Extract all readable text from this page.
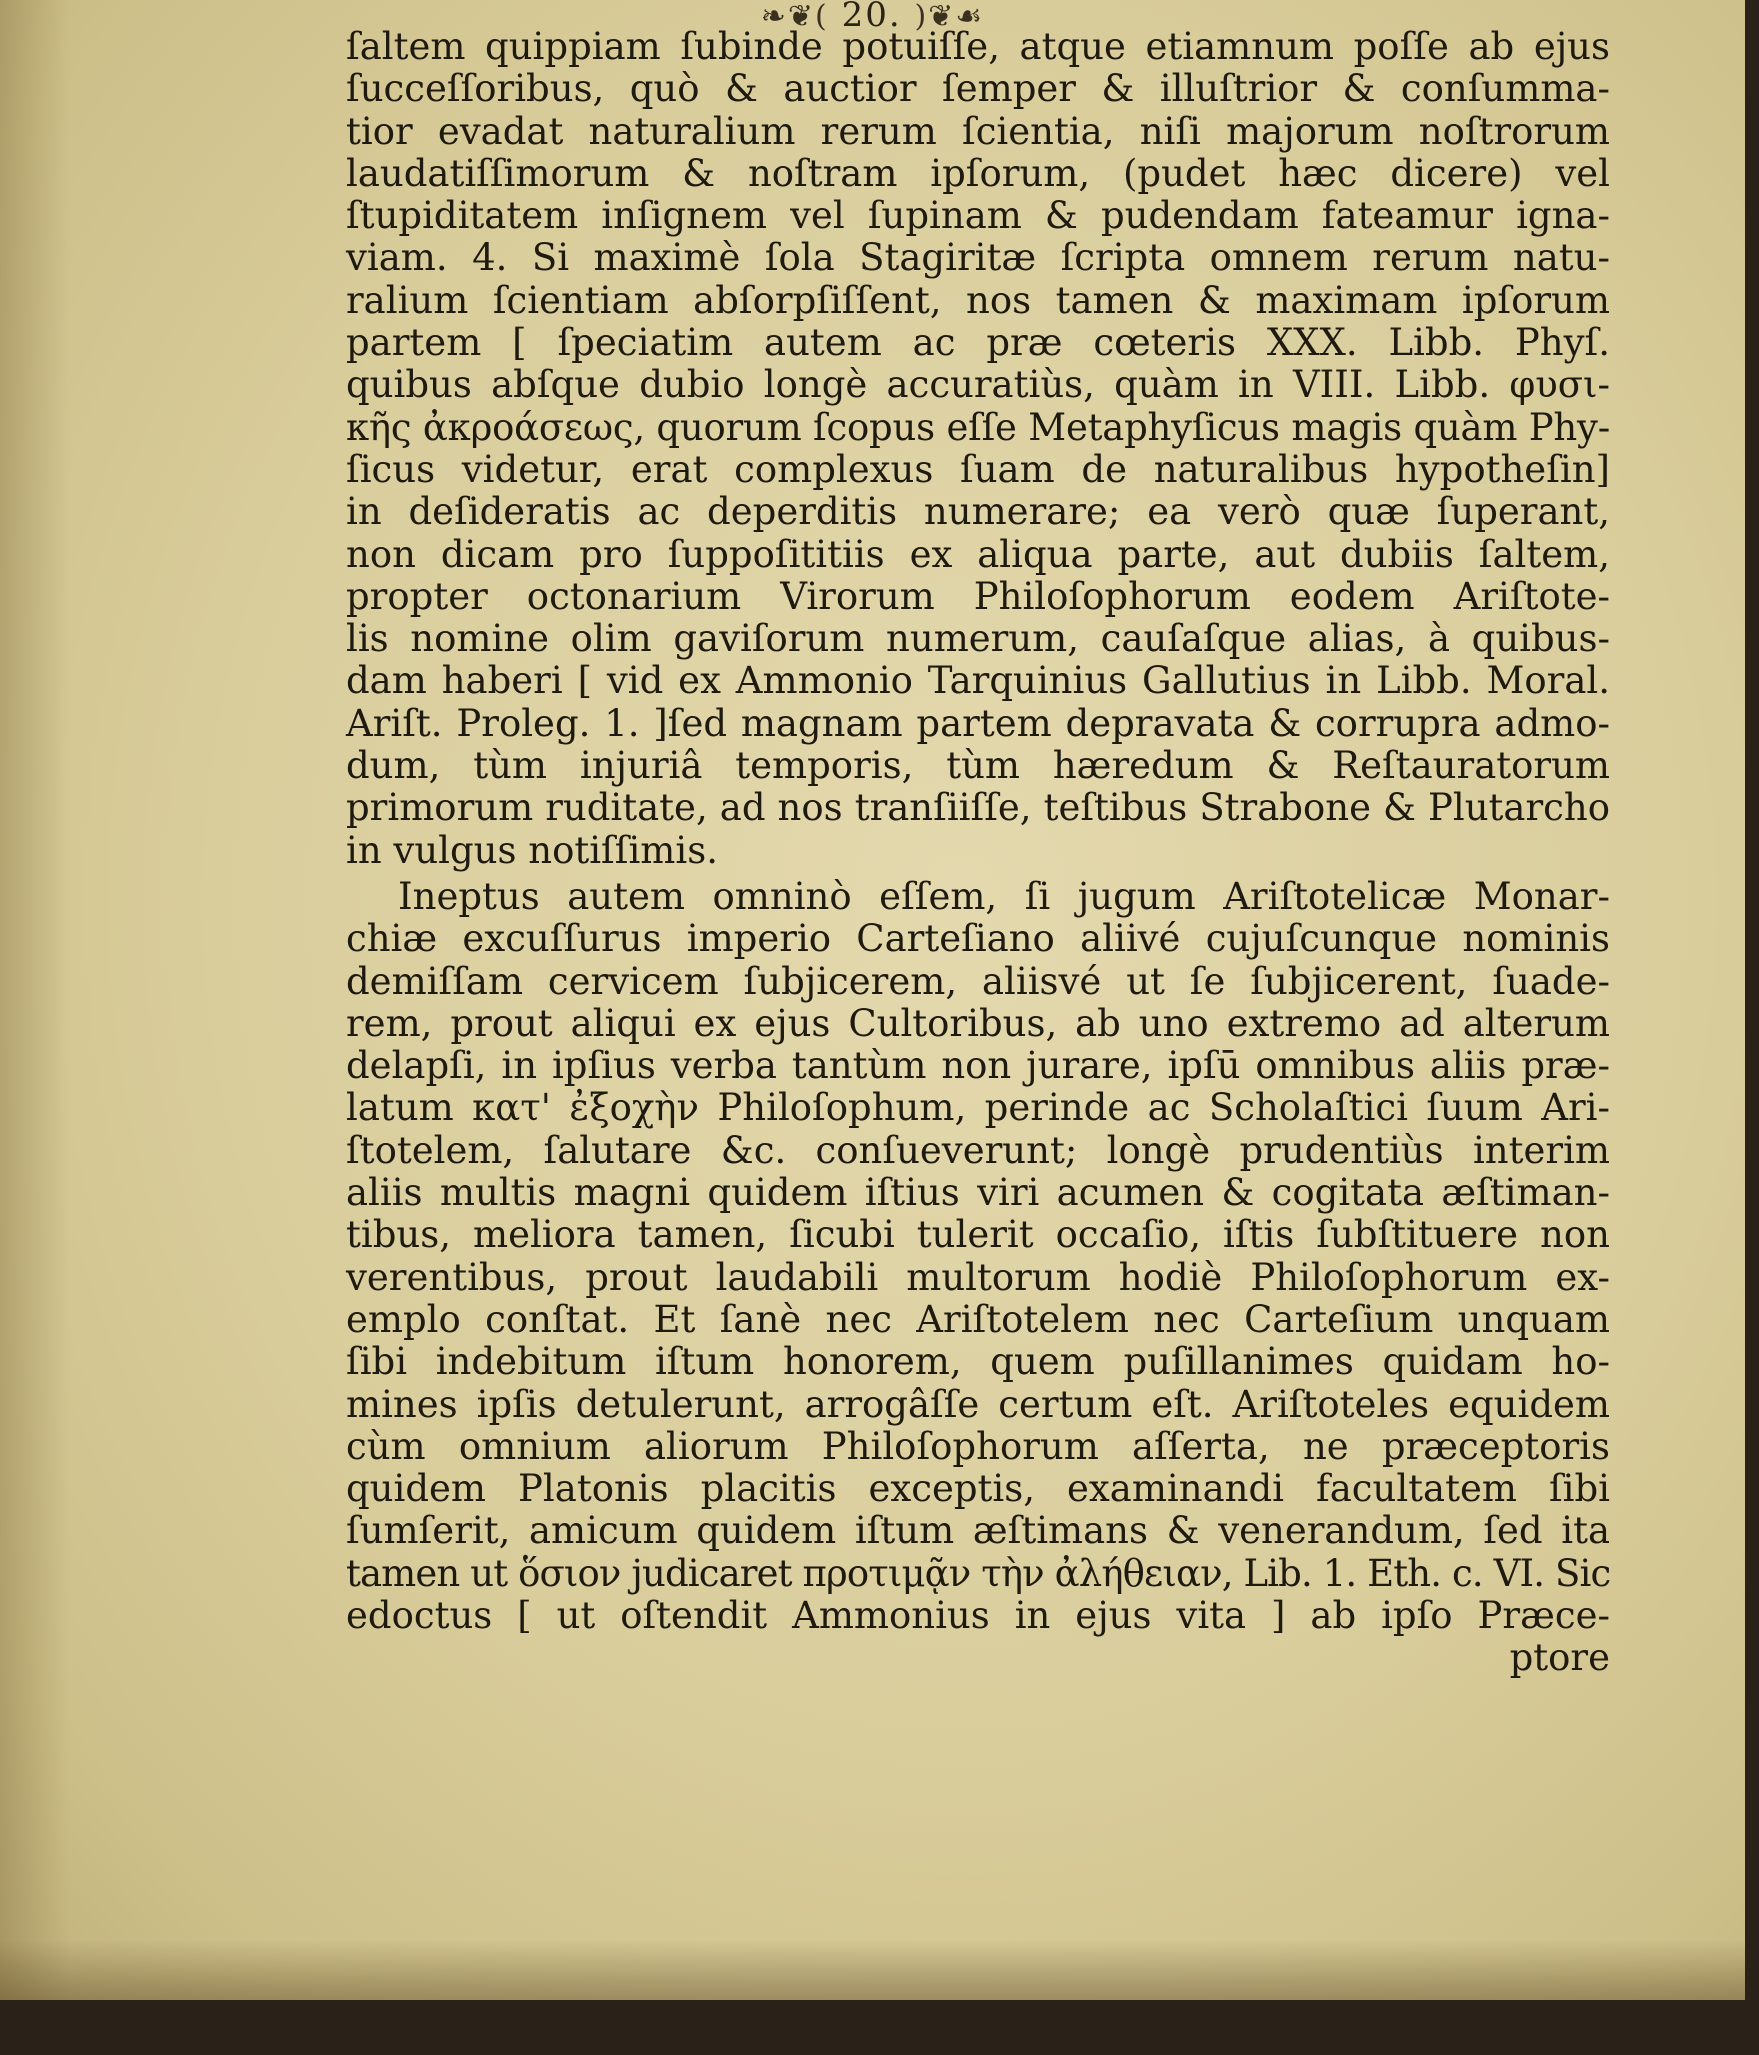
❧❦( 20. )❦☙
ſaltem quippiam ſubinde potuiſſe, atque etiamnum poſſe ab ejus
ſucceſſoribus, quò & auctior ſemper & illuſtrior & conſumma-
tior evadat naturalium rerum ſcientia, niſi majorum noſtrorum
laudatiſſimorum & noſtram ipſorum, (pudet hæc dicere) vel
ſtupiditatem inſignem vel ſupinam & pudendam fateamur igna-
viam. 4. Si maximè ſola Stagiritæ ſcripta omnem rerum natu-
ralium ſcientiam abſorpſiſſent, nos tamen & maximam ipſorum
partem [ ſpeciatim autem ac præ cœteris XXX. Libb. Phyſ.
quibus abſque dubio longè accuratiùs, quàm in VIII. Libb. φυσι-
κῆς ἀκροάσεως, quorum ſcopus eſſe Metaphyſicus magis quàm Phy-
ſicus videtur, erat complexus ſuam de naturalibus hypotheſin]
in deſideratis ac deperditis numerare; ea verò quæ ſuperant,
non dicam pro ſuppoſititiis ex aliqua parte, aut dubiis ſaltem,
propter octonarium Virorum Philoſophorum eodem Ariſtote-
lis nomine olim gaviſorum numerum, cauſaſque alias, à quibus-
dam haberi [ vid ex Ammonio Tarquinius Gallutius in Libb. Moral.
Ariſt. Proleg. 1. ]ſed magnam partem depravata & corrupra admo-
dum, tùm injuriâ temporis, tùm hæredum & Reſtauratorum
primorum ruditate, ad nos tranſiiſſe, teſtibus Strabone & Plutarcho
in vulgus notiſſimis.
Ineptus autem omninò eſſem, ſi jugum Ariſtotelicæ Monar-
chiæ excuſſurus imperio Carteſiano aliivé cujuſcunque nominis
demiſſam cervicem ſubjicerem, aliisvé ut ſe ſubjicerent, ſuade-
rem, prout aliqui ex ejus Cultoribus, ab uno extremo ad alterum
delapſi, in ipſius verba tantùm non jurare, ipſū omnibus aliis præ-
latum κατ' ἐξοχὴν Philoſophum, perinde ac Scholaſtici ſuum Ari-
ſtotelem, ſalutare &c. conſueverunt; longè prudentiùs interim
aliis multis magni quidem iſtius viri acumen & cogitata æſtiman-
tibus, meliora tamen, ſicubi tulerit occaſio, iſtis ſubſtituere non
verentibus, prout laudabili multorum hodiè Philoſophorum ex-
emplo conſtat. Et ſanè nec Ariſtotelem nec Carteſium unquam
ſibi indebitum iſtum honorem, quem puſillanimes quidam ho-
mines ipſis detulerunt, arrogâſſe certum eſt. Ariſtoteles equidem
cùm omnium aliorum Philoſophorum aſſerta, ne præceptoris
quidem Platonis placitis exceptis, examinandi facultatem ſibi
ſumſerit, amicum quidem iſtum æſtimans & venerandum, ſed ita
tamen ut ὅσιον judicaret προτιμᾷν τὴν ἀλήθειαν, Lib. 1. Eth. c. VI. Sic
edoctus [ ut oſtendit Ammonius in ejus vita ] ab ipſo Præce-
ptore
